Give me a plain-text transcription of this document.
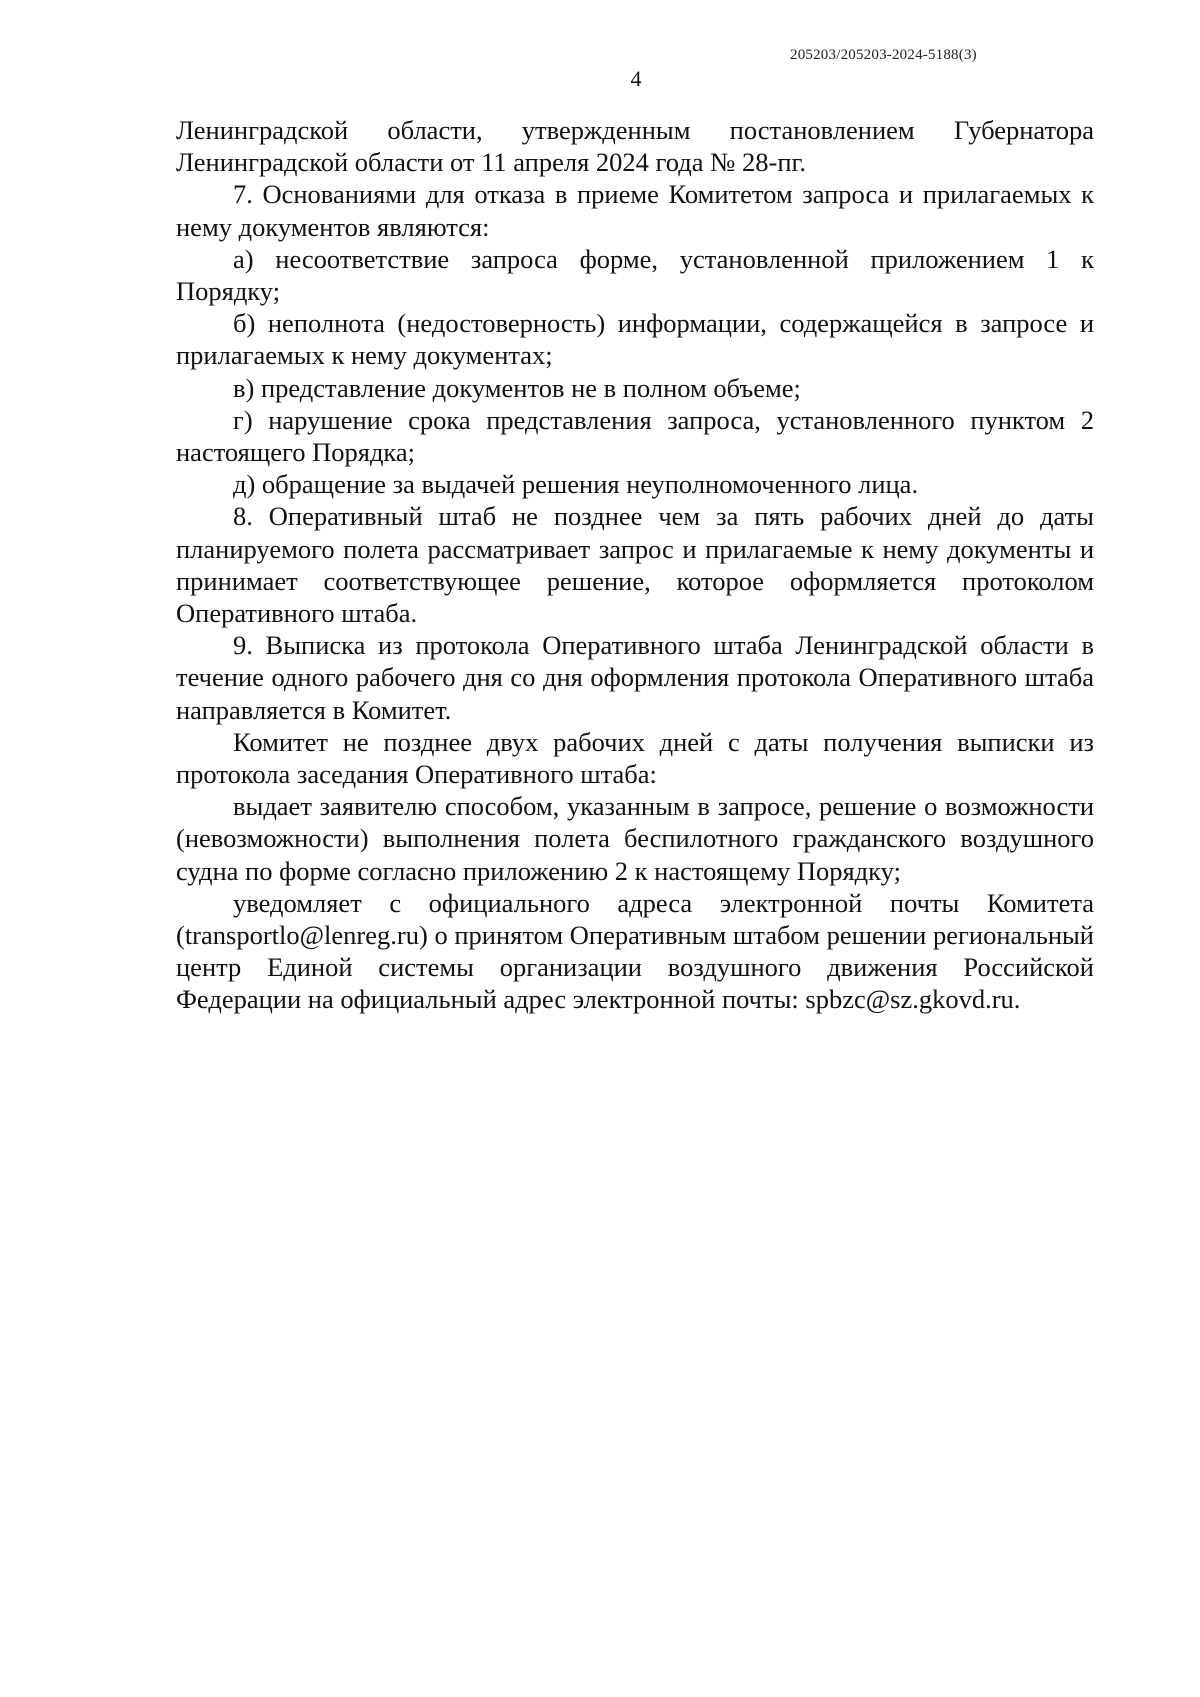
205203/205203-2024-5188(3)
4

Ленинградской области, утвержденным постановлением Губернатора Ленинградской области от 11 апреля 2024 года № 28-пг.

7. Основаниями для отказа в приеме Комитетом запроса и прилагаемых к нему документов являются:

а) несоответствие запроса форме, установленной приложением 1 к Порядку;

б) неполнота (недостоверность) информации, содержащейся в запросе и прилагаемых к нему документах;

в) представление документов не в полном объеме;

г) нарушение срока представления запроса, установленного пунктом 2 настоящего Порядка;

д) обращение за выдачей решения неуполномоченного лица.

8. Оперативный штаб не позднее чем за пять рабочих дней до даты планируемого полета рассматривает запрос и прилагаемые к нему документы и принимает соответствующее решение, которое оформляется протоколом Оперативного штаба.

9. Выписка из протокола Оперативного штаба Ленинградской области в течение одного рабочего дня со дня оформления протокола Оперативного штаба направляется в Комитет.

Комитет не позднее двух рабочих дней с даты получения выписки из протокола заседания Оперативного штаба:

выдает заявителю способом, указанным в запросе, решение о возможности (невозможности) выполнения полета беспилотного гражданского воздушного судна по форме согласно приложению 2 к настоящему Порядку;

уведомляет с официального адреса электронной почты Комитета (transportlo@lenreg.ru) о принятом Оперативным штабом решении региональный центр Единой системы организации воздушного движения Российской Федерации на официальный адрес электронной почты: spbzc@sz.gkovd.ru.
